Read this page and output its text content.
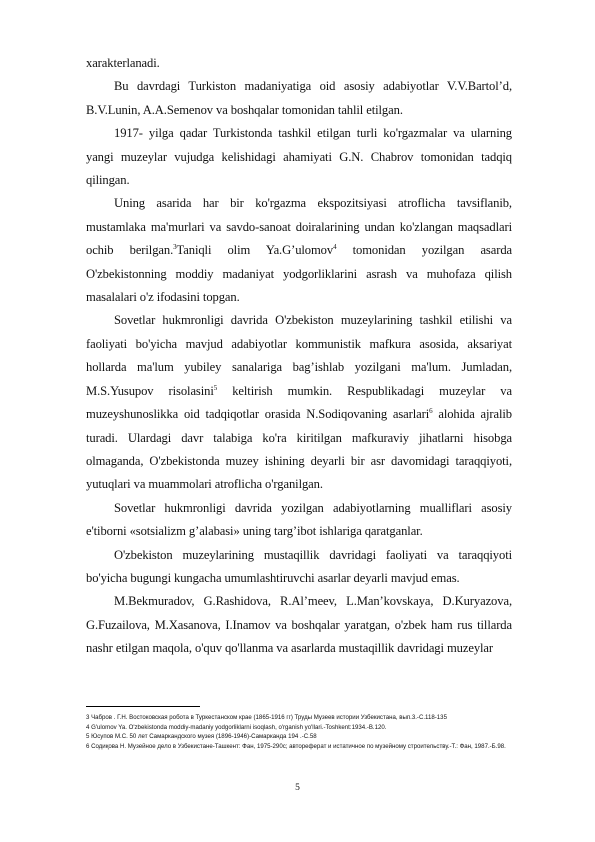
xarakterlanadi.

Bu davrdagi Turkiston madaniyatiga oid asosiy adabiyotlar V.V.Bartol’d, B.V.Lunin, A.A.Semenov va boshqalar tomonidan tahlil etilgan.

1917- yilga qadar Turkistonda tashkil etilgan turli ko'rgazmalar va ularning yangi muzeylar vujudga kelishidagi ahamiyati G.N. Chabrov tomonidan tadqiq qilingan.

Uning asarida har bir ko'rgazma ekspozitsiyasi atroflicha tavsiflanib, mustamlaka ma'murlari va savdo-sanoat doiralarining undan ko'zlangan maqsadlari ochib berilgan.$^3$Taniqli olim Ya.G’ulomov$^4$ tomonidan yozilgan asarda O'zbekistonning moddiy madaniyat yodgorliklarini asrash va muhofaza qilish masalalari o'z ifodasini topgan.

Sovetlar hukmronligi davrida O'zbekiston muzeylarining tashkil etilishi va faoliyati bo'yicha mavjud adabiyotlar kommunistik mafkura asosida, aksariyat hollarda ma'lum yubiley sanalariga bag’ishlab yozilgani ma'lum. Jumladan, M.S.Yusupov risolasini$^5$ keltirish mumkin. Respublikadagi muzeylar va muzeyshunoslikka oid tadqiqotlar orasida N.Sodiqovaning asarlari$^6$ alohida ajralib turadi. Ulardagi davr talabiga ko'ra kiritilgan mafkuraviy jihatlarni hisobga olmaganda, O'zbekistonda muzey ishining deyarli bir asr davomidagi taraqqiyoti, yutuqlari va muammolari atroflicha o'rganilgan.

Sovetlar hukmronligi davrida yozilgan adabiyotlarning mualliflari asosiy e'tiborni «sotsializm g’alabasi» uning targ’ibot ishlariga qaratganlar.

O'zbekiston muzeylarining mustaqillik davridagi faoliyati va taraqqiyoti bo'yicha bugungi kungacha umumlashtiruvchi asarlar deyarli mavjud emas.

M.Bekmuradov, G.Rashidova, R.Al’meev, L.Man’kovskaya, D.Kuryazova, G.Fuzailova, M.Xasanova, I.Inamov va boshqalar yaratgan, o'zbek ham rus tillarda nashr etilgan maqola, o'quv qo'llanma va asarlarda mustaqillik davridagi muzeylar

3 Чабров . Г.Н. Востоковская робота в Туркестанском крае (1865-1916 гг) Труды Музеев истории Узбекистана, вып.3.-С.118-135

4 G'ulomov Ya. O'zbekistonda moddiy-madaniy yodgorliklarni isoqlash, o'rganish yo'llari.-Toshkent:1934.-B.120.

5 Юсупов М.С. 50 лет Самаркандского музея (1896-1946)-Самарканда 194 .-С.58

6 Содиқова Н. Музейное дело в Узбекистане-Ташкент: Фан, 1975-290с; автореферат и истатичное по музейному строительству.-Т.: Фан, 1987.-Б.98.

5
